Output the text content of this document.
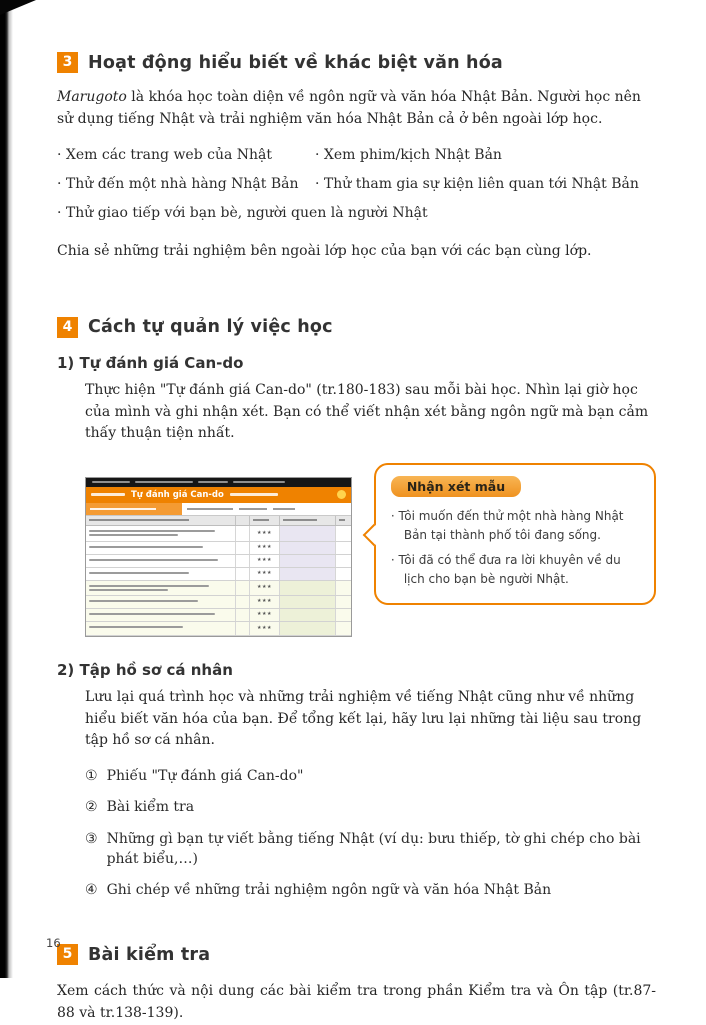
3 Hoạt động hiểu biết về khác biệt văn hóa

Marugoto là khóa học toàn diện về ngôn ngữ và văn hóa Nhật Bản. Người học nên sử dụng tiếng Nhật và trải nghiệm văn hóa Nhật Bản cả ở bên ngoài lớp học.

· Xem các trang web của Nhật	· Xem phim/kịch Nhật Bản
· Thử đến một nhà hàng Nhật Bản	· Thử tham gia sự kiện liên quan tới Nhật Bản
· Thử giao tiếp với bạn bè, người quen là người Nhật

Chia sẻ những trải nghiệm bên ngoài lớp học của bạn với các bạn cùng lớp.

4 Cách tự quản lý việc học
1) Tự đánh giá Can-do

Thực hiện "Tự đánh giá Can-do" (tr.180-183) sau mỗi bài học. Nhìn lại giờ học của mình và ghi nhận xét. Bạn có thể viết nhận xét bằng ngôn ngữ mà bạn cảm thấy thuận tiện nhất.

Tự đánh giá Can-do
★★★
★★★
★★★
★★★
★★★
★★★
★★★
★★★
Nhận xét mẫu
· Tôi muốn đến thử một nhà hàng Nhật Bản tại thành phố tôi đang sống.
· Tôi đã có thể đưa ra lời khuyên về du lịch cho bạn bè người Nhật.
2) Tập hồ sơ cá nhân

Lưu lại quá trình học và những trải nghiệm về tiếng Nhật cũng như về những hiểu biết văn hóa của bạn. Để tổng kết lại, hãy lưu lại những tài liệu sau trong tập hồ sơ cá nhân.

① Phiếu "Tự đánh giá Can-do"
② Bài kiểm tra
③ Những gì bạn tự viết bằng tiếng Nhật (ví dụ: bưu thiếp, tờ ghi chép cho bài phát biểu,…)
④ Ghi chép về những trải nghiệm ngôn ngữ và văn hóa Nhật Bản
5 Bài kiểm tra

Xem cách thức và nội dung các bài kiểm tra trong phần Kiểm tra và Ôn tập (tr.87-88 và tr.138-139).

16
